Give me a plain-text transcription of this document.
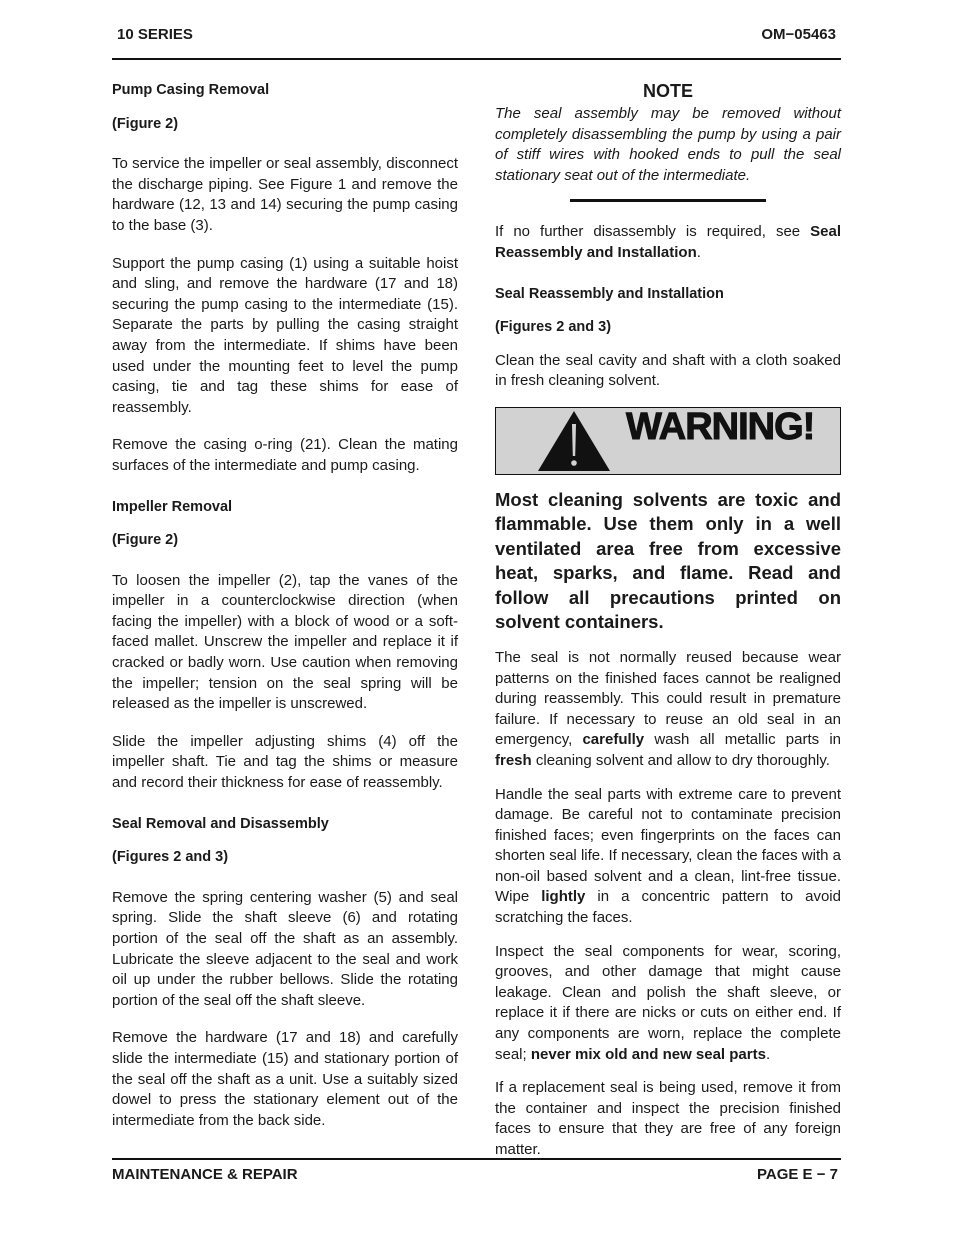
10 SERIES	OM−05463

Pump Casing Removal

(Figure 2)

To service the impeller or seal assembly, disconnect the discharge piping. See Figure 1 and remove the hardware (12, 13 and 14) securing the pump casing to the base (3).

Support the pump casing (1) using a suitable hoist and sling, and remove the hardware (17 and 18) securing the pump casing to the intermediate (15). Separate the parts by pulling the casing straight away from the intermediate. If shims have been used under the mounting feet to level the pump casing, tie and tag these shims for ease of reassembly.

Remove the casing o-ring (21). Clean the mating surfaces of the intermediate and pump casing.

Impeller Removal

(Figure 2)

To loosen the impeller (2), tap the vanes of the impeller in a counterclockwise direction (when facing the impeller) with a block of wood or a soft-faced mallet. Unscrew the impeller and replace it if cracked or badly worn. Use caution when removing the impeller; tension on the seal spring will be released as the impeller is unscrewed.

Slide the impeller adjusting shims (4) off the impeller shaft. Tie and tag the shims or measure and record their thickness for ease of reassembly.

Seal Removal and Disassembly

(Figures 2 and 3)

Remove the spring centering washer (5) and seal spring. Slide the shaft sleeve (6) and rotating portion of the seal off the shaft as an assembly. Lubricate the sleeve adjacent to the seal and work oil up under the rubber bellows. Slide the rotating portion of the seal off the shaft sleeve.

Remove the hardware (17 and 18) and carefully slide the intermediate (15) and stationary portion of the seal off the shaft as a unit. Use a suitably sized dowel to press the stationary element out of the intermediate from the back side.

NOTE

The seal assembly may be removed without completely disassembling the pump by using a pair of stiff wires with hooked ends to pull the seal stationary seat out of the intermediate.

If no further disassembly is required, see Seal Reassembly and Installation.

Seal Reassembly and Installation

(Figures 2 and 3)

Clean the seal cavity and shaft with a cloth soaked in fresh cleaning solvent.

WARNING!

Most cleaning solvents are toxic and flammable. Use them only in a well ventilated area free from excessive heat, sparks, and flame. Read and follow all precautions printed on solvent containers.

The seal is not normally reused because wear patterns on the finished faces cannot be realigned during reassembly. This could result in premature failure. If necessary to reuse an old seal in an emergency, carefully wash all metallic parts in fresh cleaning solvent and allow to dry thoroughly.

Handle the seal parts with extreme care to prevent damage. Be careful not to contaminate precision finished faces; even fingerprints on the faces can shorten seal life. If necessary, clean the faces with a non-oil based solvent and a clean, lint-free tissue. Wipe lightly in a concentric pattern to avoid scratching the faces.

Inspect the seal components for wear, scoring, grooves, and other damage that might cause leakage. Clean and polish the shaft sleeve, or replace it if there are nicks or cuts on either end. If any components are worn, replace the complete seal; never mix old and new seal parts.

If a replacement seal is being used, remove it from the container and inspect the precision finished faces to ensure that they are free of any foreign matter.

MAINTENANCE & REPAIR	PAGE E − 7
